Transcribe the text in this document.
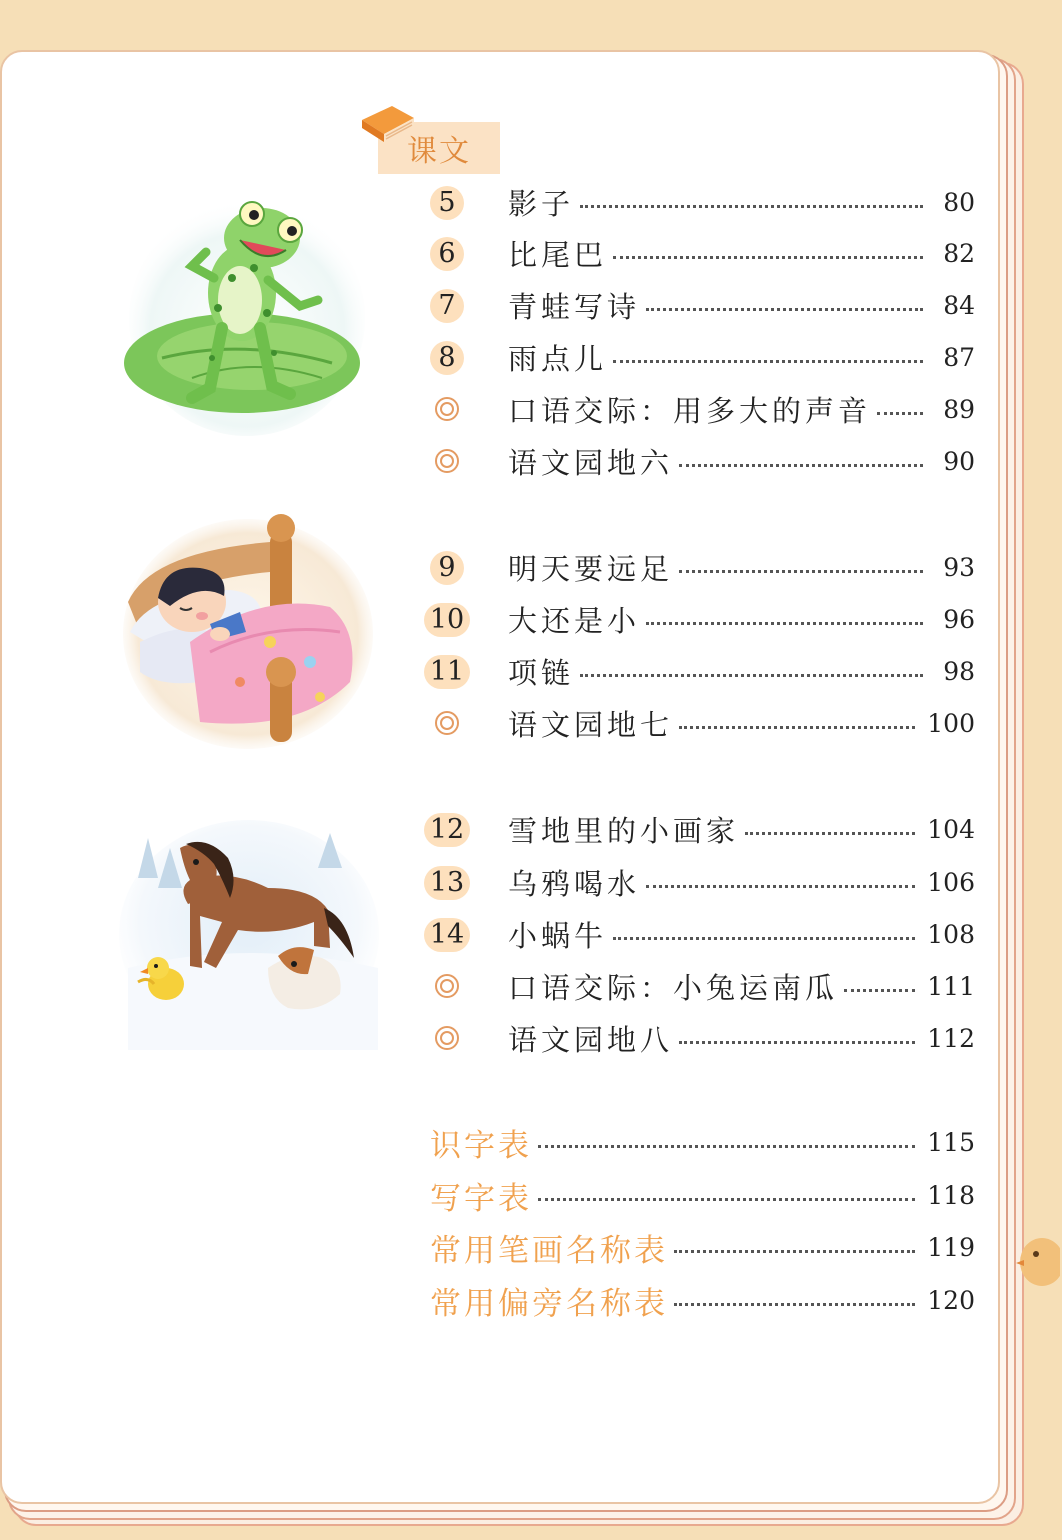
课文
5 影子	80
6 比尾巴	82
7 青蛙写诗	84
8 雨点儿	87
口语交际：用多大的声音	89
语文园地六	90
9 明天要远足	93
10 大还是小	96
11 项链	98
语文园地七	100
12 雪地里的小画家	104
13 乌鸦喝水	106
14 小蜗牛	108
口语交际：小兔运南瓜	111
语文园地八	112
识字表	115
写字表	118
常用笔画名称表	119
常用偏旁名称表	120
